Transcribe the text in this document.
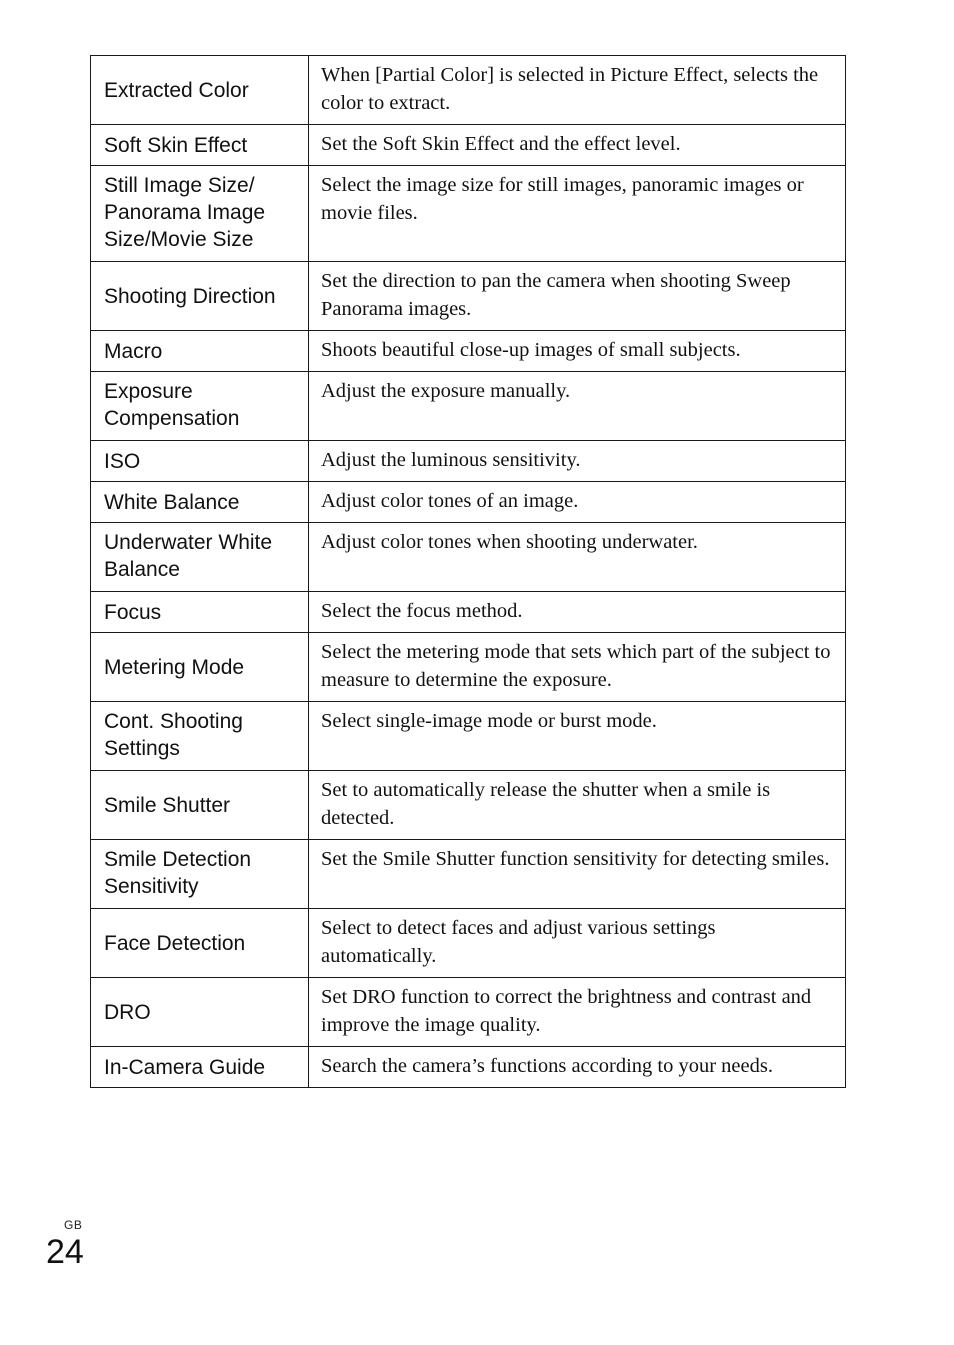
Extracted Color	When [Partial Color] is selected in Picture Effect, selects the color to extract.
Soft Skin Effect	Set the Soft Skin Effect and the effect level.
Still Image Size/ Panorama Image Size/Movie Size	Select the image size for still images, panoramic images or movie files.
Shooting Direction	Set the direction to pan the camera when shooting Sweep Panorama images.
Macro	Shoots beautiful close-up images of small subjects.
Exposure Compensation	Adjust the exposure manually.
ISO	Adjust the luminous sensitivity.
White Balance	Adjust color tones of an image.
Underwater White Balance	Adjust color tones when shooting underwater.
Focus	Select the focus method.
Metering Mode	Select the metering mode that sets which part of the subject to measure to determine the exposure.
Cont. Shooting Settings	Select single-image mode or burst mode.
Smile Shutter	Set to automatically release the shutter when a smile is detected.
Smile Detection Sensitivity	Set the Smile Shutter function sensitivity for detecting smiles.
Face Detection	Select to detect faces and adjust various settings automatically.
DRO	Set DRO function to correct the brightness and contrast and improve the image quality.
In-Camera Guide	Search the camera’s functions according to your needs.
GB
24
